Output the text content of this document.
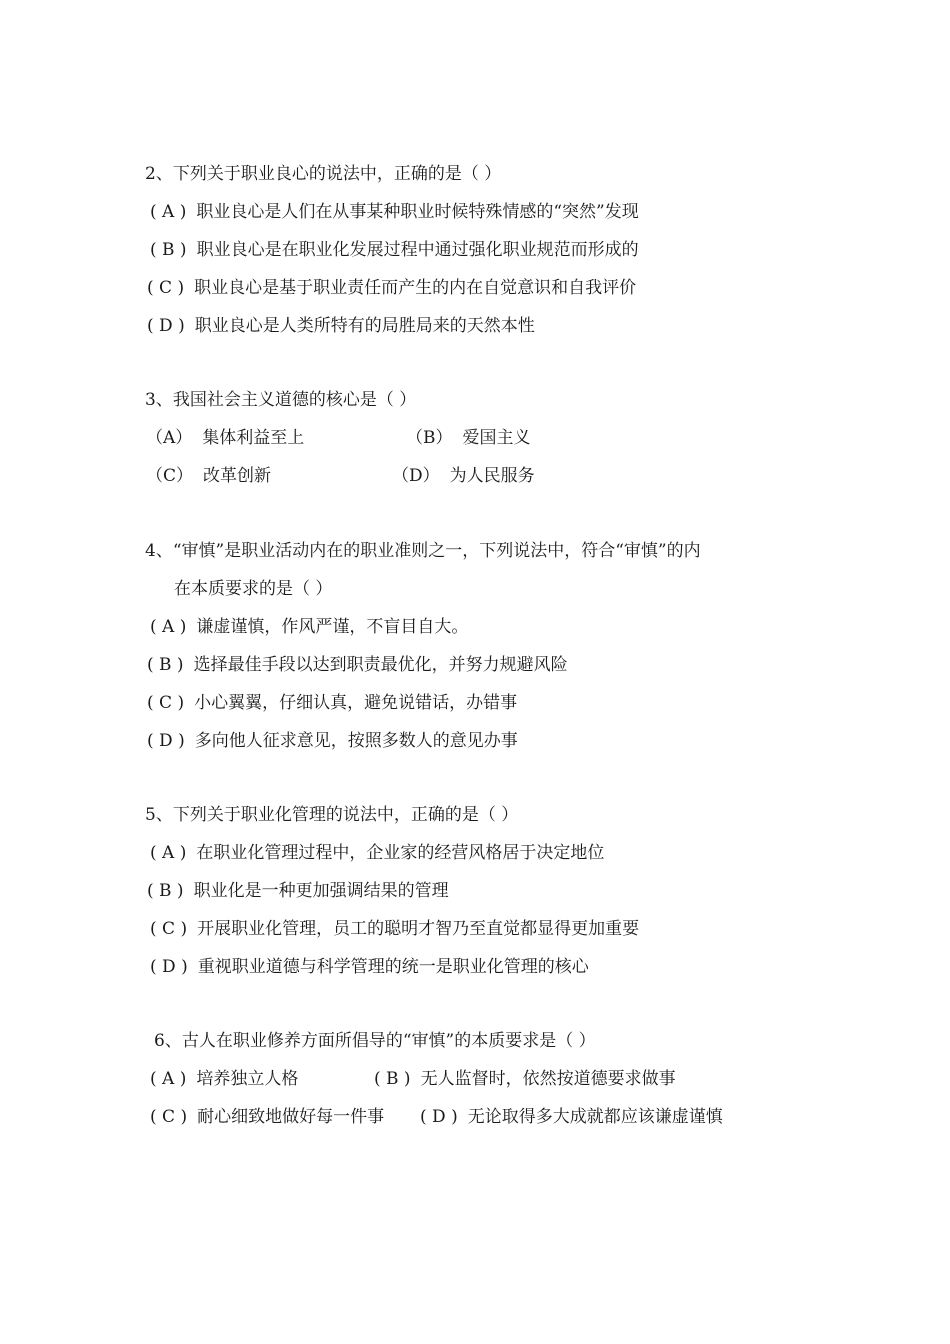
2、下列关于职业良心的说法中，正确的是（ ）
( A ) 职业良心是人们在从事某种职业时候特殊情感的“突然”发现
( B ) 职业良心是在职业化发展过程中通过强化职业规范而形成的
( C ) 职业良心是基于职业责任而产生的内在自觉意识和自我评价
( D ) 职业良心是人类所特有的局胜局来的天然本性
3、我国社会主义道德的核心是（ ）
（A） 集体利益至上	（B） 爱国主义
（C） 改革创新	（D） 为人民服务
4、“审慎”是职业活动内在的职业准则之一，下列说法中，符合“审慎”的内
在本质要求的是（ ）
( A ) 谦虚谨慎，作风严谨，不盲目自大。
( B ) 选择最佳手段以达到职责最优化，并努力规避风险
( C ) 小心翼翼，仔细认真，避免说错话，办错事
( D ) 多向他人征求意见，按照多数人的意见办事
5、下列关于职业化管理的说法中，正确的是（ ）
( A ) 在职业化管理过程中，企业家的经营风格居于决定地位
( B ) 职业化是一种更加强调结果的管理
( C ) 开展职业化管理，员工的聪明才智乃至直觉都显得更加重要
( D ) 重视职业道德与科学管理的统一是职业化管理的核心
6、古人在职业修养方面所倡导的“审慎”的本质要求是（ ）
( A ) 培养独立人格	( B ) 无人监督时，依然按道德要求做事
( C ) 耐心细致地做好每一件事 ( D ) 无论取得多大成就都应该谦虚谨慎
